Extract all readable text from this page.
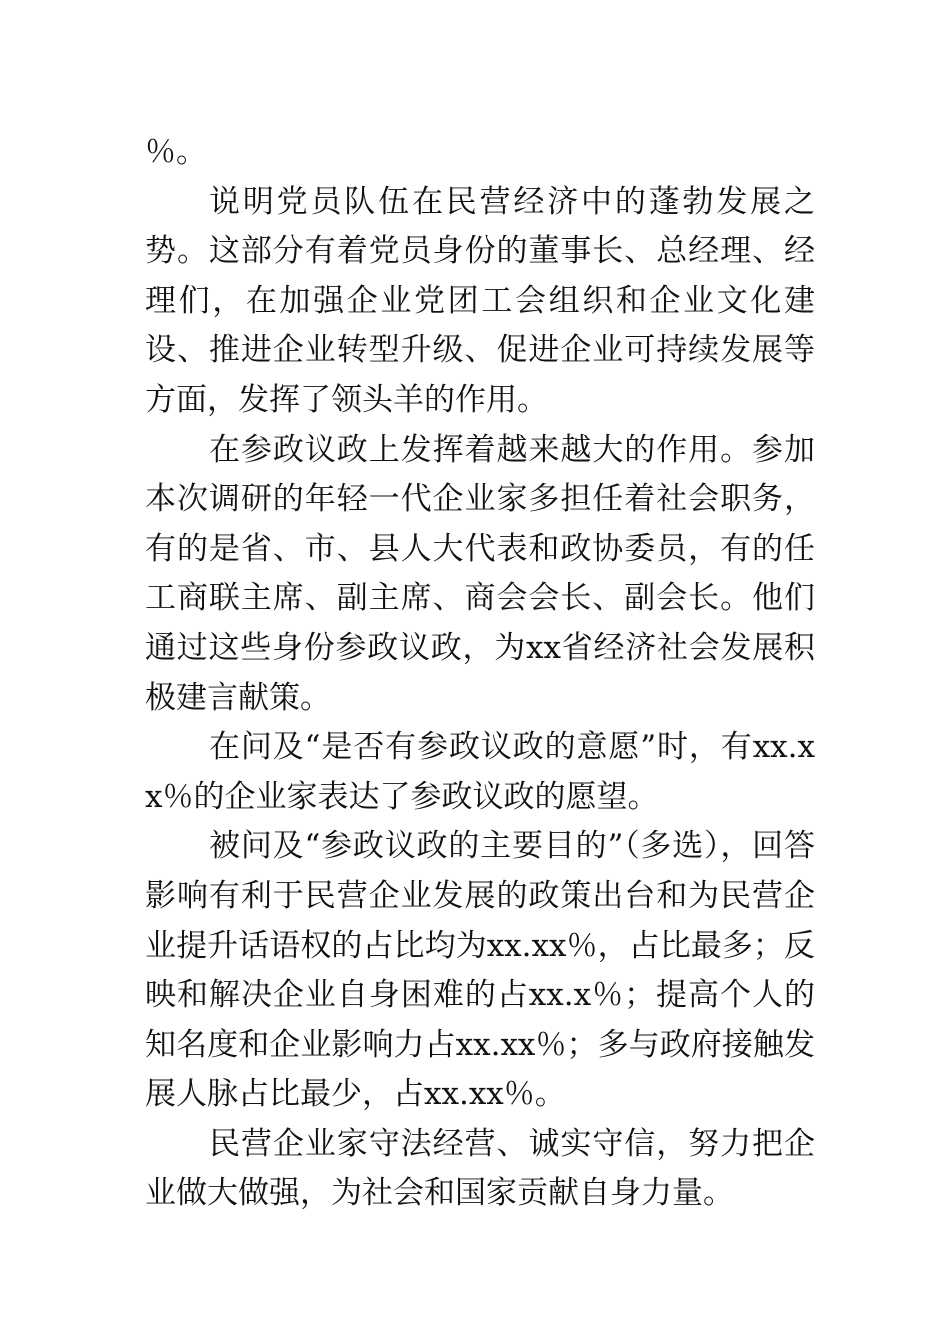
％。

说明党员队伍在民营经济中的蓬勃发展之势。这部分有着党员身份的董事长、总经理、经理们，在加强企业党团工会组织和企业文化建设、推进企业转型升级、促进企业可持续发展等方面，发挥了领头羊的作用。

在参政议政上发挥着越来越大的作用。参加本次调研的年轻一代企业家多担任着社会职务，有的是省、市、县人大代表和政协委员，有的任工商联主席、副主席、商会会长、副会长。他们通过这些身份参政议政，为xx省经济社会发展积极建言献策。

在问及“是否有参政议政的意愿”时，有xx.xx％的企业家表达了参政议政的愿望。

被问及“参政议政的主要目的”（多选），回答影响有利于民营企业发展的政策出台和为民营企业提升话语权的占比均为xx.xx％，占比最多；反映和解决企业自身困难的占xx.x％；提高个人的知名度和企业影响力占xx.xx％；多与政府接触发展人脉占比最少，占xx.xx％。

民营企业家守法经营、诚实守信，努力把企业做大做强，为社会和国家贡献自身力量。
